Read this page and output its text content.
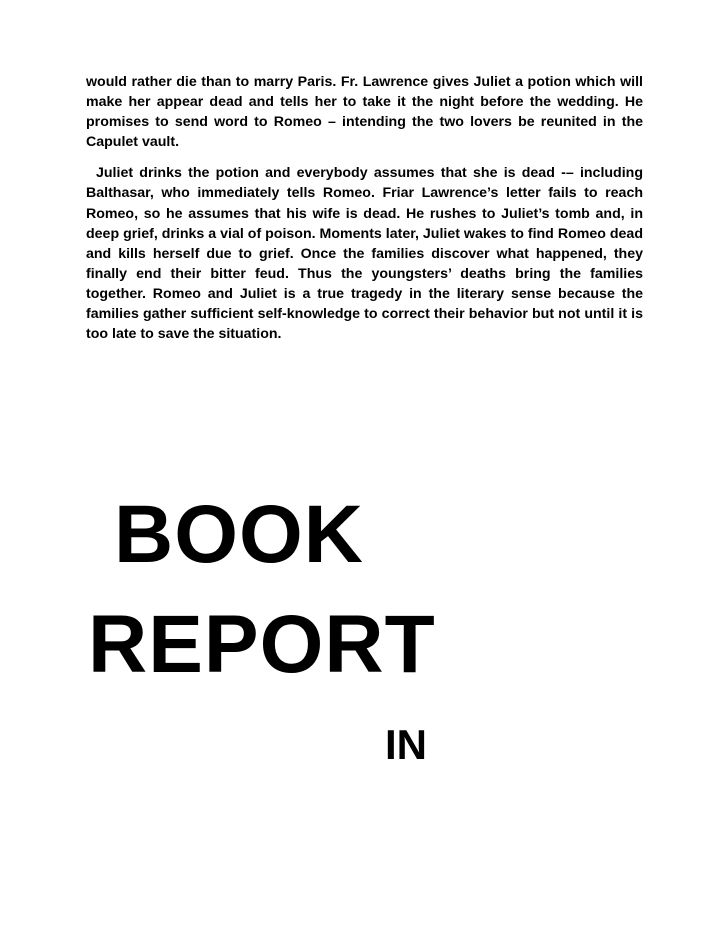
would rather die than to marry Paris. Fr. Lawrence gives Juliet a potion which will make her appear dead and tells her to take it the night before the wedding. He promises to send word to Romeo – intending the two lovers be reunited in the Capulet vault.

Juliet drinks the potion and everybody assumes that she is dead -– including Balthasar, who immediately tells Romeo. Friar Lawrence’s letter fails to reach Romeo, so he assumes that his wife is dead. He rushes to Juliet’s tomb and, in deep grief, drinks a vial of poison. Moments later, Juliet wakes to find Romeo dead and kills herself due to grief. Once the families discover what happened, they finally end their bitter feud. Thus the youngsters’ deaths bring the families together. Romeo and Juliet is a true tragedy in the literary sense because the families gather sufficient self-knowledge to correct their behavior but not until it is too late to save the situation.

BOOK
REPORT
IN
